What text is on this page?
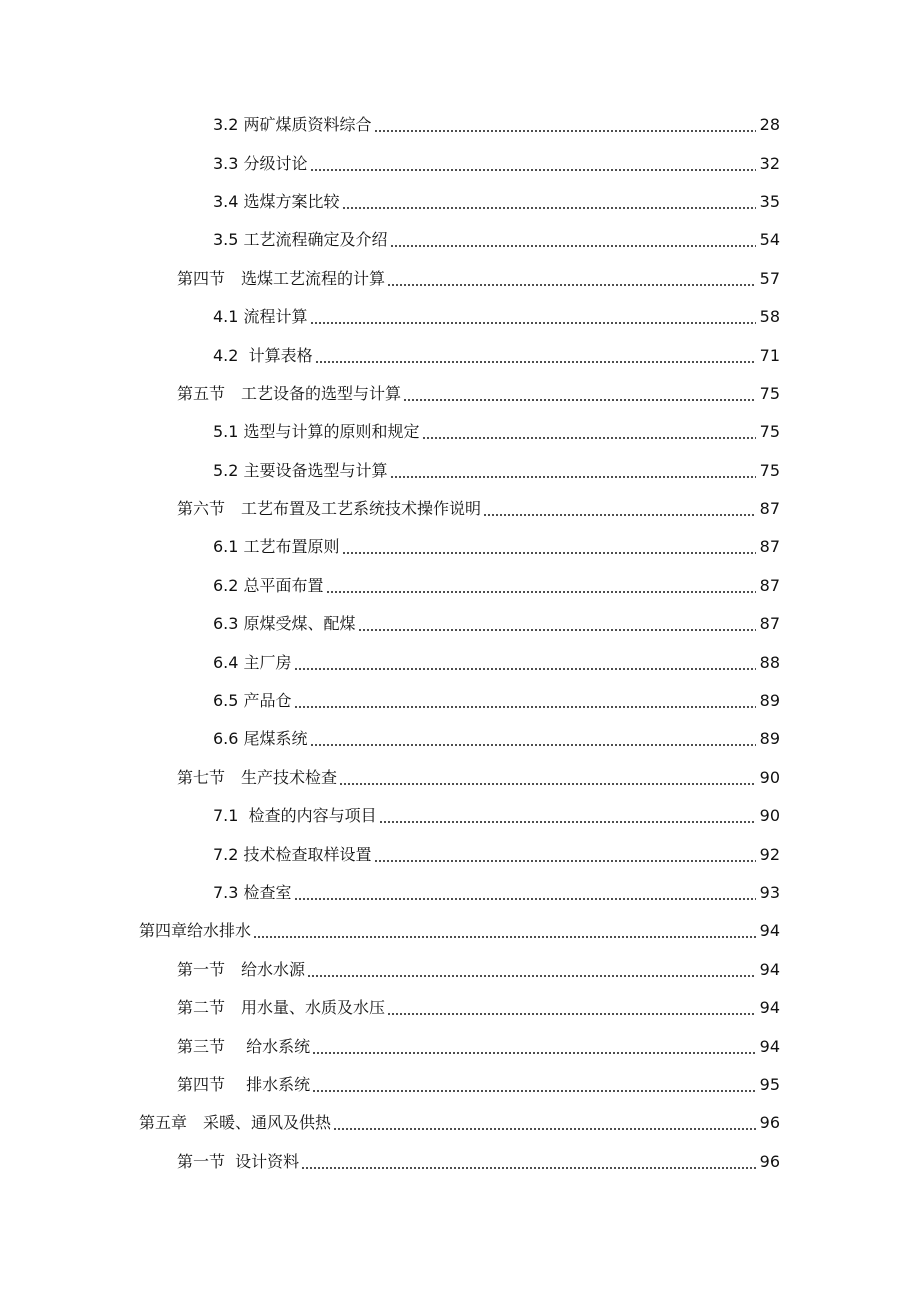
3.2 两矿煤质资料综合	28
3.3 分级讨论	32
3.4 选煤方案比较	35
3.5 工艺流程确定及介绍	54
第四节　选煤工艺流程的计算	57
4.1 流程计算	58
4.2  计算表格	71
第五节　工艺设备的选型与计算	75
5.1 选型与计算的原则和规定	75
5.2 主要设备选型与计算	75
第六节　工艺布置及工艺系统技术操作说明	87
6.1 工艺布置原则	87
6.2 总平面布置	87
6.3 原煤受煤、配煤	87
6.4 主厂房	88
6.5 产品仓	89
6.6 尾煤系统	89
第七节　生产技术检查	90
7.1  检查的内容与项目	90
7.2 技术检查取样设置	92
7.3 检查室	93
第四章给水排水	94
第一节　给水水源	94
第二节　用水量、水质及水压	94
第三节　 给水系统	94
第四节　 排水系统	95
第五章　采暖、通风及供热	96
第一节  设计资料	96
